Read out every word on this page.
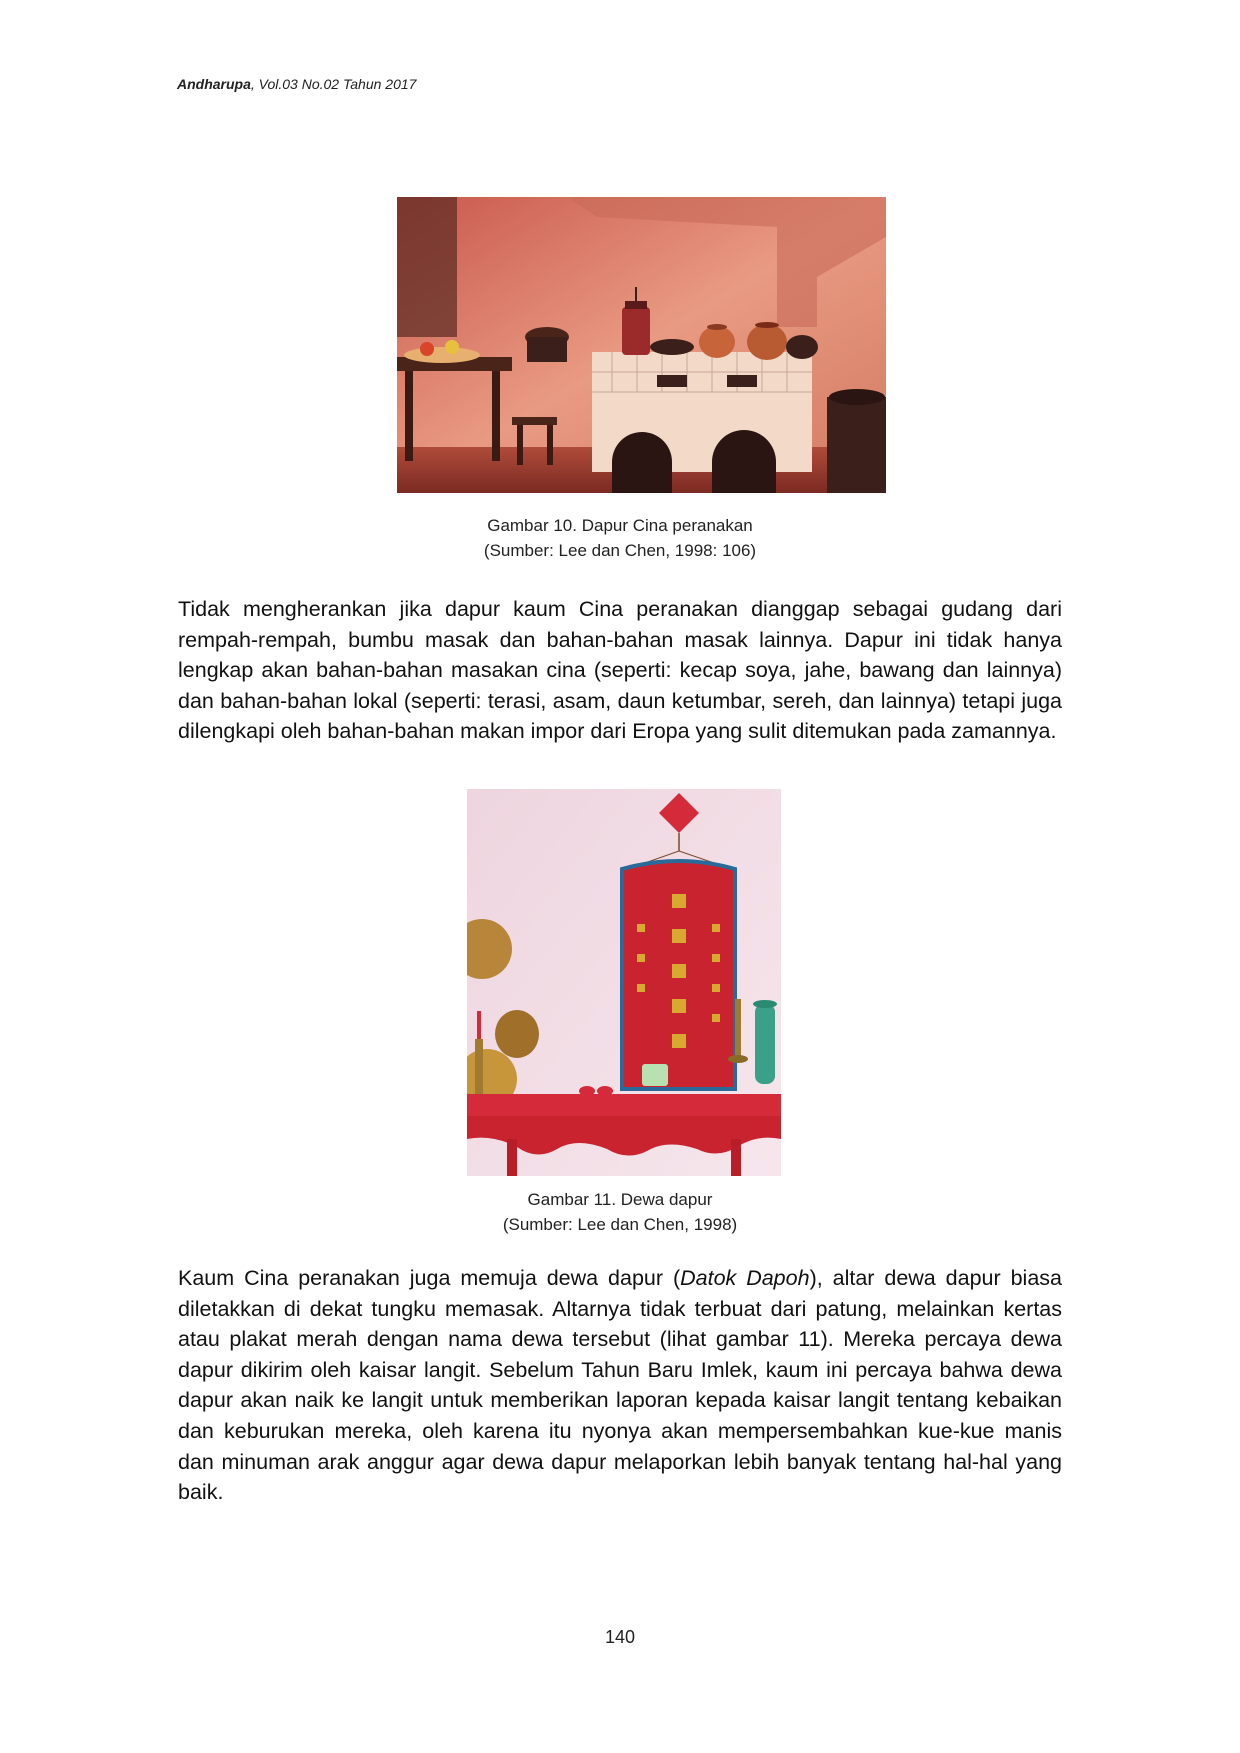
Andharupa, Vol.03 No.02 Tahun 2017
Gambar 10. Dapur Cina peranakan
(Sumber: Lee dan Chen, 1998: 106)

Tidak mengherankan jika dapur kaum Cina peranakan dianggap sebagai gudang dari rempah-rempah, bumbu masak dan bahan-bahan masak lainnya. Dapur ini tidak hanya lengkap akan bahan-bahan masakan cina (seperti: kecap soya, jahe, bawang dan lainnya) dan bahan-bahan lokal (seperti: terasi, asam, daun ketumbar, sereh, dan lainnya) tetapi juga dilengkapi oleh bahan-bahan makan impor dari Eropa yang sulit ditemukan pada zamannya.

Gambar 11. Dewa dapur
(Sumber: Lee dan Chen, 1998)

Kaum Cina peranakan juga memuja dewa dapur (Datok Dapoh), altar dewa dapur biasa diletakkan di dekat tungku memasak. Altarnya tidak terbuat dari patung, melainkan kertas atau plakat merah dengan nama dewa tersebut (lihat gambar 11). Mereka percaya dewa dapur dikirim oleh kaisar langit. Sebelum Tahun Baru Imlek, kaum ini percaya bahwa dewa dapur akan naik ke langit untuk memberikan laporan kepada kaisar langit tentang kebaikan dan keburukan mereka, oleh karena itu nyonya akan mempersembahkan kue-kue manis dan minuman arak anggur agar dewa dapur melaporkan lebih banyak tentang hal-hal yang baik.

140
